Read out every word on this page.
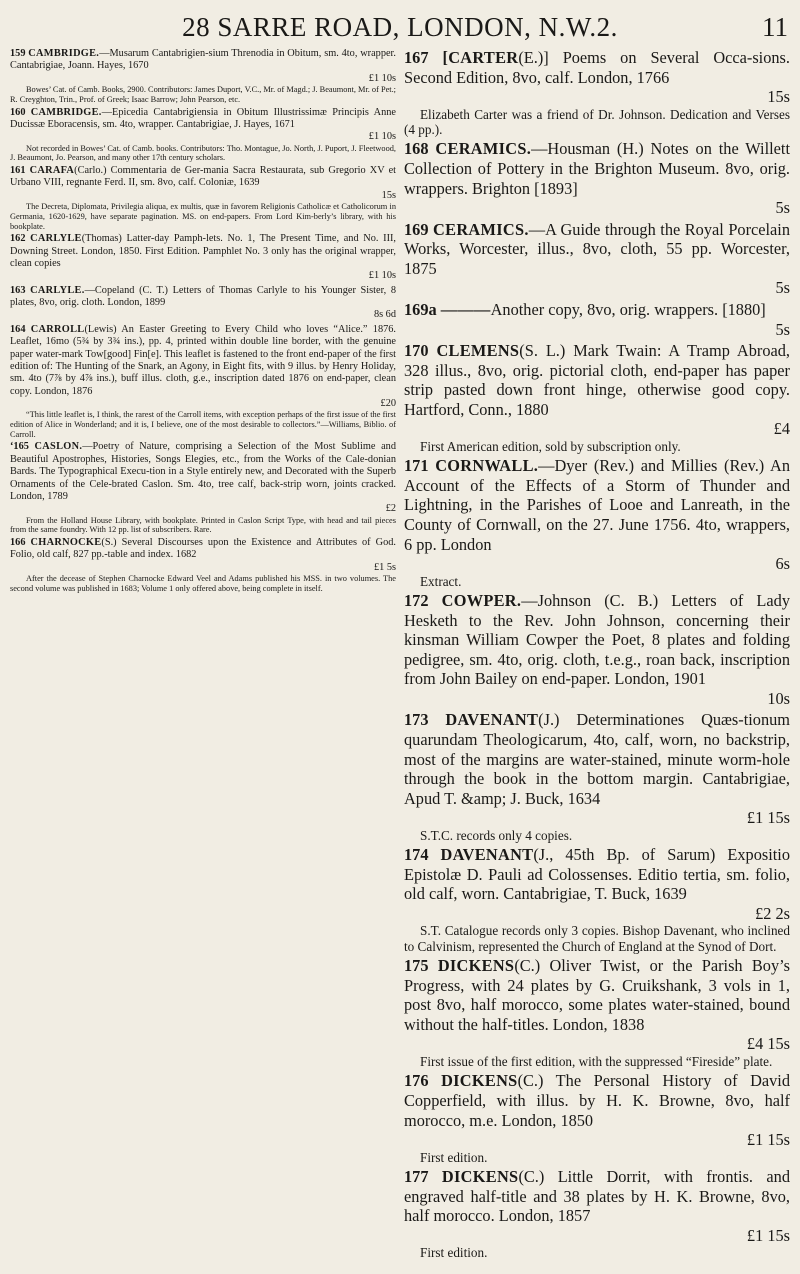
28 SARRE ROAD, LONDON, N.W.2.	11
159 CAMBRIDGE.—Musarum Cantabrigien-sium Threnodia in Obitum, sm. 4to, wrapper. Cantabrigiae, Joann. Hayes, 1670
£1 10s
Bowes’ Cat. of Camb. Books, 2900. Contributors: James Duport, V.C., Mr. of Magd.; J. Beaumont, Mr. of Pet.; R. Creyghton, Trin., Prof. of Greek; Isaac Barrow; John Pearson, etc.
160 CAMBRIDGE.—Epicedia Cantabrigiensia in Obitum Illustrissimæ Principis Anne Ducissæ Eboracensis, sm. 4to, wrapper. Cantabrigiae, J. Hayes, 1671
£1 10s
Not recorded in Bowes’ Cat. of Camb. books. Contributors: Tho. Montague, Jo. North, J. Puport, J. Fleetwood, J. Beaumont, Jo. Pearson, and many other 17th century scholars.
161 CARAFA(Carlo.) Commentaria de Ger-mania Sacra Restaurata, sub Gregorio XV et Urbano VIII, regnante Ferd. II, sm. 8vo, calf. Coloniæ, 1639
15s
The Decreta, Diplomata, Privilegia aliqua, ex multis, quæ in favorem Religionis Catholicæ et Catholicorum in Germania, 1620-1629, have separate pagination. MS. on end-papers. From Lord Kim-berly’s library, with his bookplate.
162 CARLYLE(Thomas) Latter-day Pamph-lets. No. 1, The Present Time, and No. III, Downing Street. London, 1850. First Edition. Pamphlet No. 3 only has the original wrapper, clean copies
£1 10s
163 CARLYLE.—Copeland (C. T.) Letters of Thomas Carlyle to his Younger Sister, 8 plates, 8vo, orig. cloth. London, 1899
8s 6d
164 CARROLL(Lewis) An Easter Greeting to Every Child who loves “Alice.” 1876. Leaflet, 16mo (5¾ by 3¾ ins.), pp. 4, printed within double line border, with the genuine paper water-mark Tow[good] Fin[e]. This leaflet is fastened to the front end-paper of the first edition of: The Hunting of the Snark, an Agony, in Eight fits, with 9 illus. by Henry Holiday, sm. 4to (7⅞ by 4⅞ ins.), buff illus. cloth, g.e., inscription dated 1876 on end-paper, clean copy. London, 1876
£20
“This little leaflet is, I think, the rarest of the Carroll items, with exception perhaps of the first issue of the first edition of Alice in Wonderland; and it is, I believe, one of the most desirable to collectors.”—Williams, Biblio. of Carroll.
‘165 CASLON.—Poetry of Nature, comprising a Selection of the Most Sublime and Beautiful Apostrophes, Histories, Songs Elegies, etc., from the Works of the Cale-donian Bards. The Typographical Execu-tion in a Style entirely new, and Decorated with the Superb Ornaments of the Cele-brated Caslon. Sm. 4to, tree calf, back-strip worn, joints cracked. London, 1789
£2
From the Holland House Library, with bookplate. Printed in Caslon Script Type, with head and tail pieces from the same foundry. With 12 pp. list of subscribers. Rare.
166 CHARNOCKE(S.) Several Discourses upon the Existence and Attributes of God. Folio, old calf, 827 pp.-table and index. 1682
£1 5s
After the decease of Stephen Charnocke Edward Veel and Adams published his MSS. in two volumes. The second volume was published in 1683; Volume 1 only offered above, being complete in itself.
167 [CARTER(E.)] Poems on Several Occa-sions. Second Edition, 8vo, calf. London, 1766
15s
Elizabeth Carter was a friend of Dr. Johnson. Dedication and Verses (4 pp.).
168 CERAMICS.—Housman (H.) Notes on the Willett Collection of Pottery in the Brighton Museum. 8vo, orig. wrappers. Brighton [1893]
5s
169 CERAMICS.—A Guide through the Royal Porcelain Works, Worcester, illus., 8vo, cloth, 55 pp. Worcester, 1875
5s
169a ———Another copy, 8vo, orig. wrappers. [1880]
5s
170 CLEMENS(S. L.) Mark Twain: A Tramp Abroad, 328 illus., 8vo, orig. pictorial cloth, end-paper has paper strip pasted down front hinge, otherwise good copy. Hartford, Conn., 1880
£4
First American edition, sold by subscription only.
171 CORNWALL.—Dyer (Rev.) and Millies (Rev.) An Account of the Effects of a Storm of Thunder and Lightning, in the Parishes of Looe and Lanreath, in the County of Cornwall, on the 27. June 1756. 4to, wrappers, 6 pp. London
6s
Extract.
172 COWPER.—Johnson (C. B.) Letters of Lady Hesketh to the Rev. John Johnson, concerning their kinsman William Cowper the Poet, 8 plates and folding pedigree, sm. 4to, orig. cloth, t.e.g., roan back, inscription from John Bailey on end-paper. London, 1901
10s
173 DAVENANT(J.) Determinationes Quæs-tionum quarundam Theologicarum, 4to, calf, worn, no backstrip, most of the margins are water-stained, minute worm-hole through the book in the bottom margin. Cantabrigiae, Apud T. &amp; J. Buck, 1634
£1 15s
S.T.C. records only 4 copies.
174 DAVENANT(J., 45th Bp. of Sarum) Expositio Epistolæ D. Pauli ad Colossenses. Editio tertia, sm. folio, old calf, worn. Cantabrigiae, T. Buck, 1639
£2 2s
S.T. Catalogue records only 3 copies. Bishop Davenant, who inclined to Calvinism, represented the Church of England at the Synod of Dort.
175 DICKENS(C.) Oliver Twist, or the Parish Boy’s Progress, with 24 plates by G. Cruikshank, 3 vols in 1, post 8vo, half morocco, some plates water-stained, bound without the half-titles. London, 1838
£4 15s
First issue of the first edition, with the suppressed “Fireside” plate.
176 DICKENS(C.) The Personal History of David Copperfield, with illus. by H. K. Browne, 8vo, half morocco, m.e. London, 1850
£1 15s
First edition.
177 DICKENS(C.) Little Dorrit, with frontis. and engraved half-title and 38 plates by H. K. Browne, 8vo, half morocco. London, 1857
£1 15s
First edition.
